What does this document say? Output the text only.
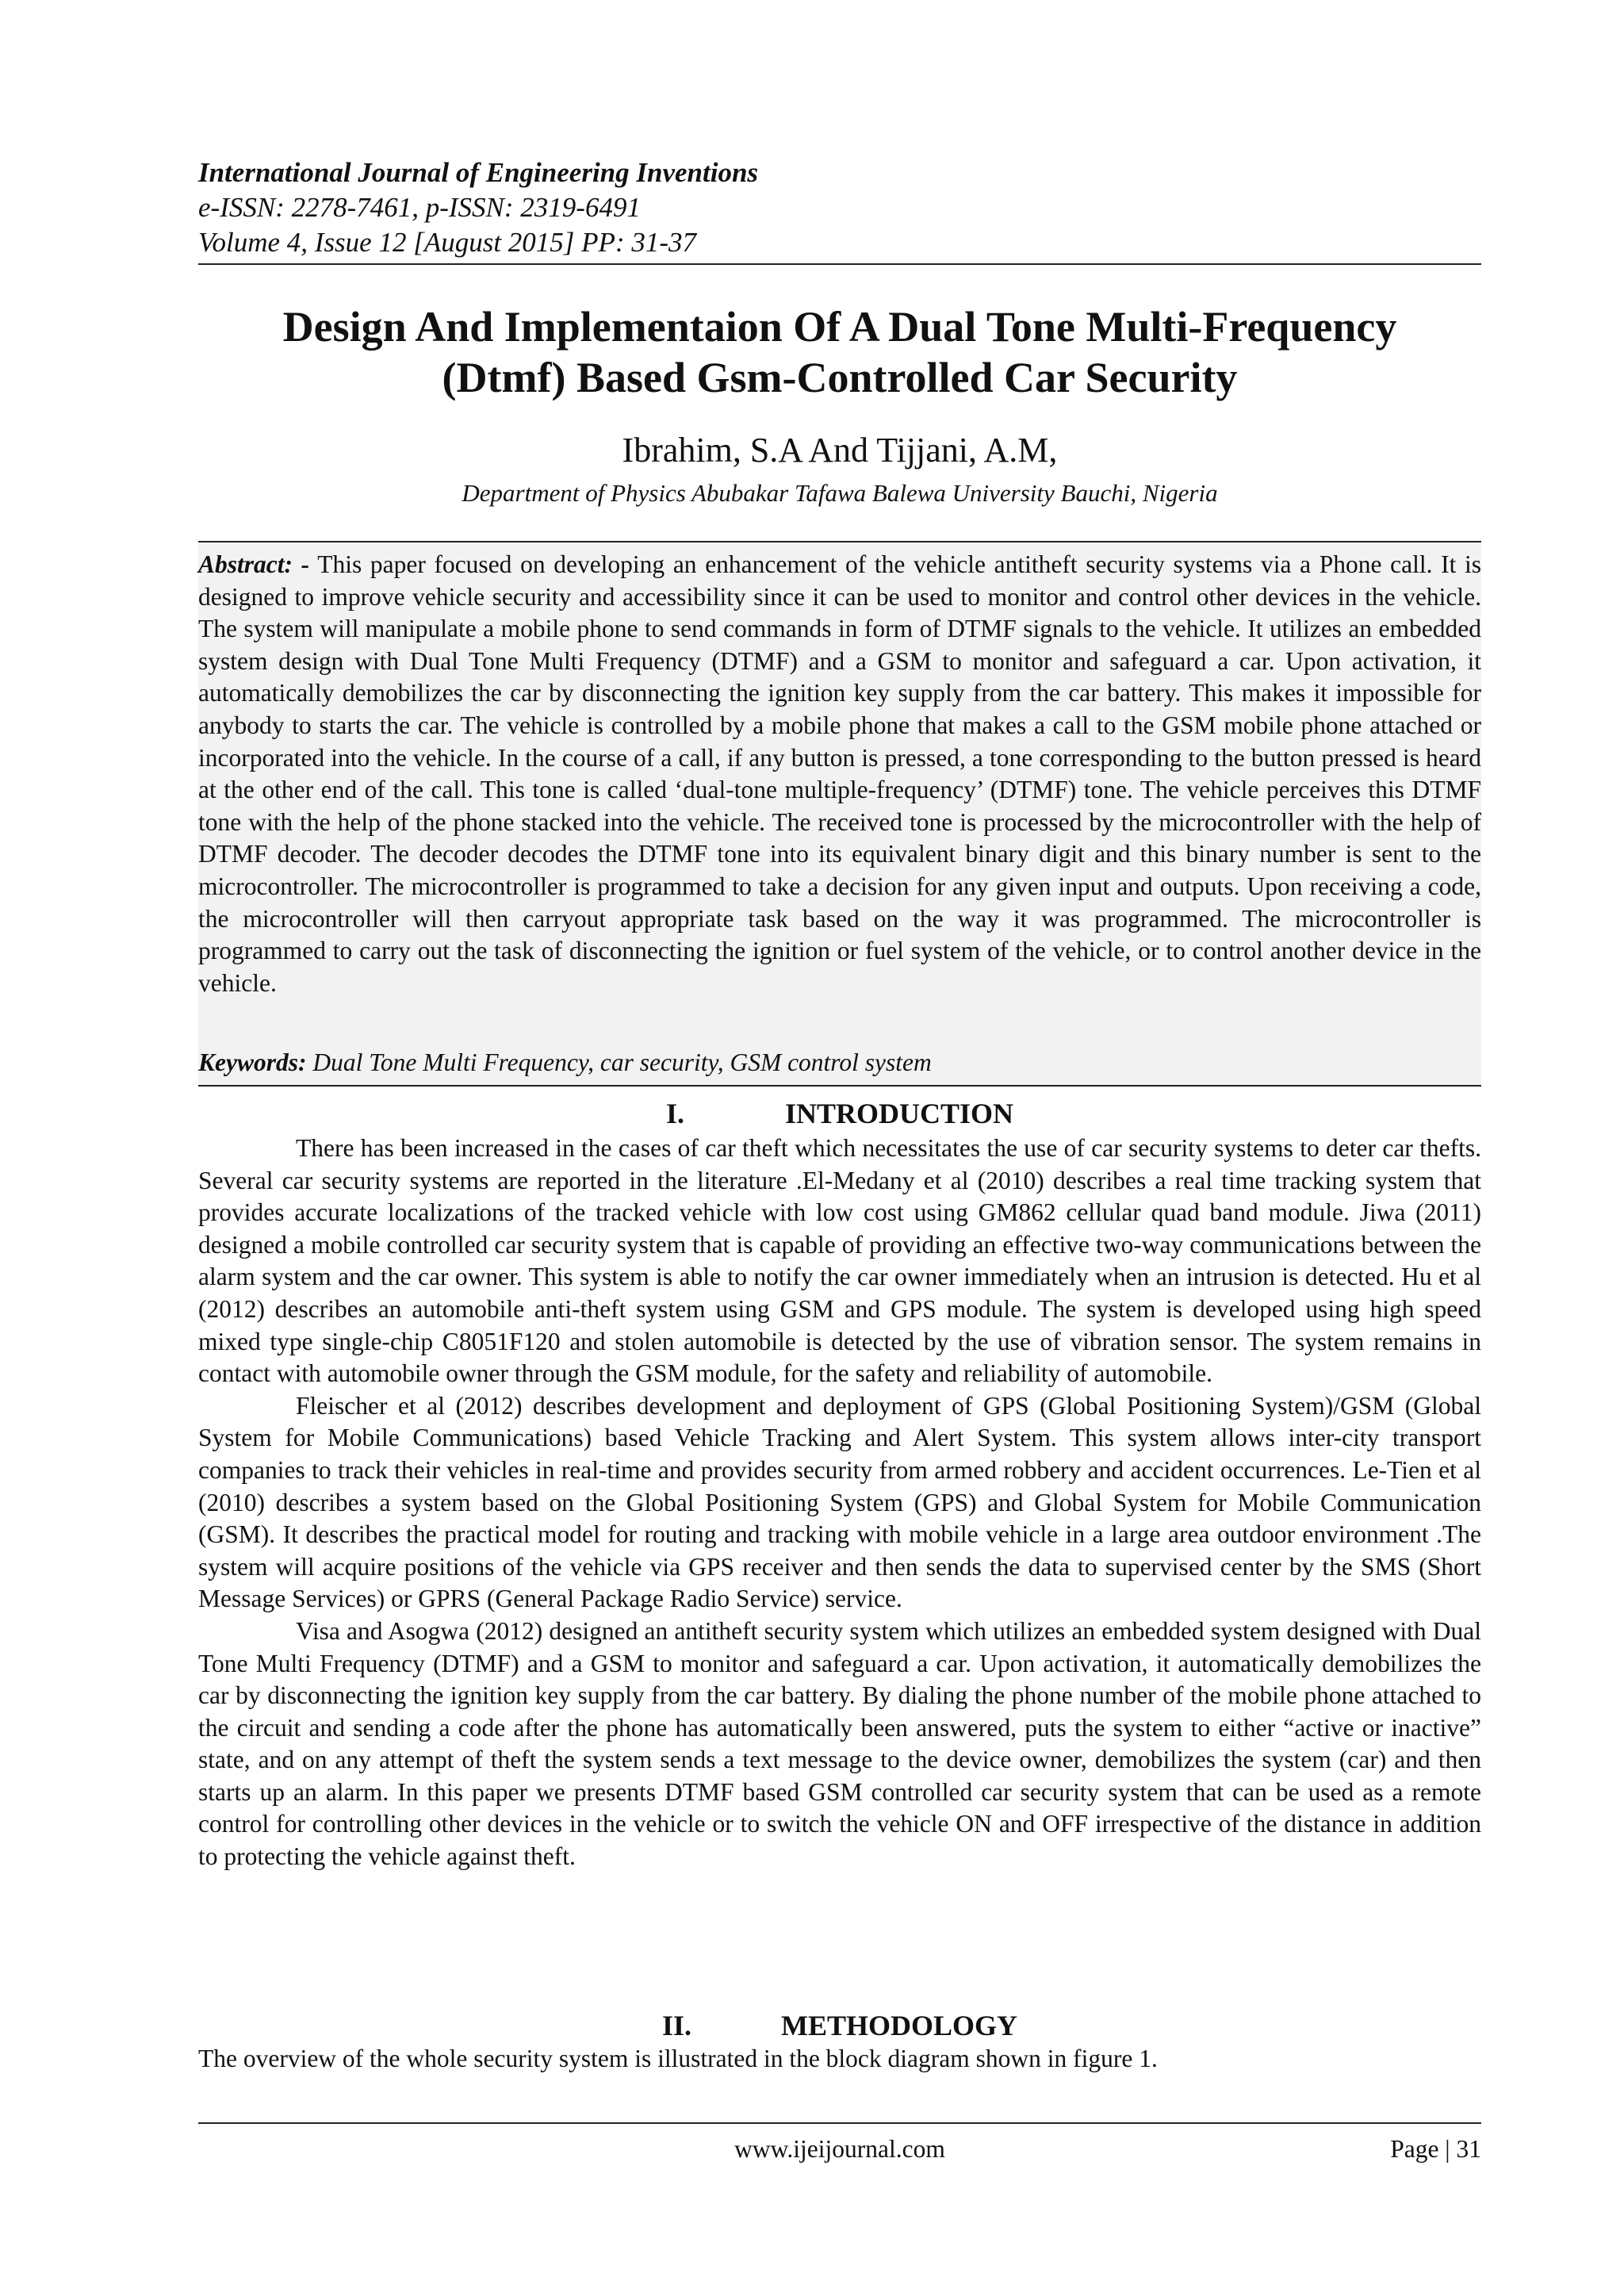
International Journal of Engineering Inventions
e-ISSN: 2278-7461, p-ISSN: 2319-6491
Volume 4, Issue 12 [August 2015] PP: 31-37
Design And Implementaion Of A Dual Tone Multi-Frequency
(Dtmf) Based Gsm-Controlled Car Security
Ibrahim, S.A And Tijjani, A.M,
Department of Physics Abubakar Tafawa Balewa University Bauchi, Nigeria
Abstract: - This paper focused on developing an enhancement of the vehicle antitheft security systems via a Phone call. It is designed to improve vehicle security and accessibility since it can be used to monitor and control other devices in the vehicle. The system will manipulate a mobile phone to send commands in form of DTMF signals to the vehicle. It utilizes an embedded system design with Dual Tone Multi Frequency (DTMF) and a GSM to monitor and safeguard a car. Upon activation, it automatically demobilizes the car by disconnecting the ignition key supply from the car battery. This makes it impossible for anybody to starts the car. The vehicle is controlled by a mobile phone that makes a call to the GSM mobile phone attached or incorporated into the vehicle. In the course of a call, if any button is pressed, a tone corresponding to the button pressed is heard at the other end of the call. This tone is called ‘dual-tone multiple-frequency’ (DTMF) tone. The vehicle perceives this DTMF tone with the help of the phone stacked into the vehicle. The received tone is processed by the microcontroller with the help of DTMF decoder. The decoder decodes the DTMF tone into its equivalent binary digit and this binary number is sent to the microcontroller. The microcontroller is programmed to take a decision for any given input and outputs. Upon receiving a code, the microcontroller will then carryout appropriate task based on the way it was programmed. The microcontroller is programmed to carry out the task of disconnecting the ignition or fuel system of the vehicle, or to control another device in the vehicle.
Keywords: Dual Tone Multi Frequency, car security, GSM control system
I.	INTRODUCTION

There has been increased in the cases of car theft which necessitates the use of car security systems to deter car thefts. Several car security systems are reported in the literature .El-Medany et al (2010) describes a real time tracking system that provides accurate localizations of the tracked vehicle with low cost using GM862 cellular quad band module. Jiwa (2011) designed a mobile controlled car security system that is capable of providing an effective two-way communications between the alarm system and the car owner. This system is able to notify the car owner immediately when an intrusion is detected. Hu et al (2012) describes an automobile anti-theft system using GSM and GPS module. The system is developed using high speed mixed type single-chip C8051F120 and stolen automobile is detected by the use of vibration sensor. The system remains in contact with automobile owner through the GSM module, for the safety and reliability of automobile.

Fleischer et al (2012) describes development and deployment of GPS (Global Positioning System)/GSM (Global System for Mobile Communications) based Vehicle Tracking and Alert System. This system allows inter-city transport companies to track their vehicles in real-time and provides security from armed robbery and accident occurrences. Le-Tien et al (2010) describes a system based on the Global Positioning System (GPS) and Global System for Mobile Communication (GSM). It describes the practical model for routing and tracking with mobile vehicle in a large area outdoor environment .The system will acquire positions of the vehicle via GPS receiver and then sends the data to supervised center by the SMS (Short Message Services) or GPRS (General Package Radio Service) service.

Visa and Asogwa (2012) designed an antitheft security system which utilizes an embedded system designed with Dual Tone Multi Frequency (DTMF) and a GSM to monitor and safeguard a car. Upon activation, it automatically demobilizes the car by disconnecting the ignition key supply from the car battery. By dialing the phone number of the mobile phone attached to the circuit and sending a code after the phone has automatically been answered, puts the system to either “active or inactive” state, and on any attempt of theft the system sends a text message to the device owner, demobilizes the system (car) and then starts up an alarm. In this paper we presents DTMF based GSM controlled car security system that can be used as a remote control for controlling other devices in the vehicle or to switch the vehicle ON and OFF irrespective of the distance in addition to protecting the vehicle against theft.

II.	METHODOLOGY

The overview of the whole security system is illustrated in the block diagram shown in figure 1.

www.ijeijournal.com	Page | 31
